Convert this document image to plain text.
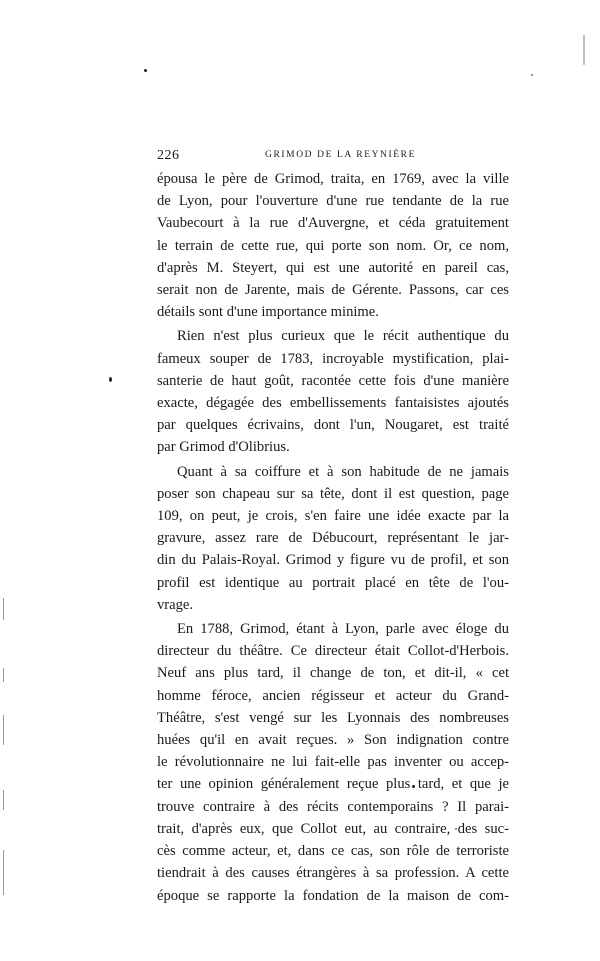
226	GRIMOD DE LA REYNIÈRE

épousa le père de Grimod, traita, en 1769, avec la ville
de Lyon, pour l'ouverture d'une rue tendante de la rue
Vaubecourt à la rue d'Auvergne, et céda gratuitement
le terrain de cette rue, qui porte son nom. Or, ce nom,
d'après M. Steyert, qui est une autorité en pareil cas,
serait non de Jarente, mais de Gérente. Passons, car ces
détails sont d'une importance minime.

Rien n'est plus curieux que le récit authentique du
fameux souper de 1783, incroyable mystification, plai-
santerie de haut goût, racontée cette fois d'une manière
exacte, dégagée des embellissements fantaisistes ajoutés
par quelques écrivains, dont l'un, Nougaret, est traité
par Grimod d'Olibrius.

Quant à sa coiffure et à son habitude de ne jamais
poser son chapeau sur sa tête, dont il est question, page
109, on peut, je crois, s'en faire une idée exacte par la
gravure, assez rare de Débucourt, représentant le jar-
din du Palais-Royal. Grimod y figure vu de profil, et son
profil est identique au portrait placé en tête de l'ou-
vrage.

En 1788, Grimod, étant à Lyon, parle avec éloge du
directeur du théâtre. Ce directeur était Collot-d'Herbois.
Neuf ans plus tard, il change de ton, et dit-il, « cet
homme féroce, ancien régisseur et acteur du Grand-
Théâtre, s'est vengé sur les Lyonnais des nombreuses
huées qu'il en avait reçues. » Son indignation contre
le révolutionnaire ne lui fait-elle pas inventer ou accep-
ter une opinion généralement reçue plus tard, et que je
trouve contraire à des récits contemporains ? Il parai-
trait, d'après eux, que Collot eut, au contraire, des suc-
cès comme acteur, et, dans ce cas, son rôle de terroriste
tiendrait à des causes étrangères à sa profession. A cette
époque se rapporte la fondation de la maison de com-
